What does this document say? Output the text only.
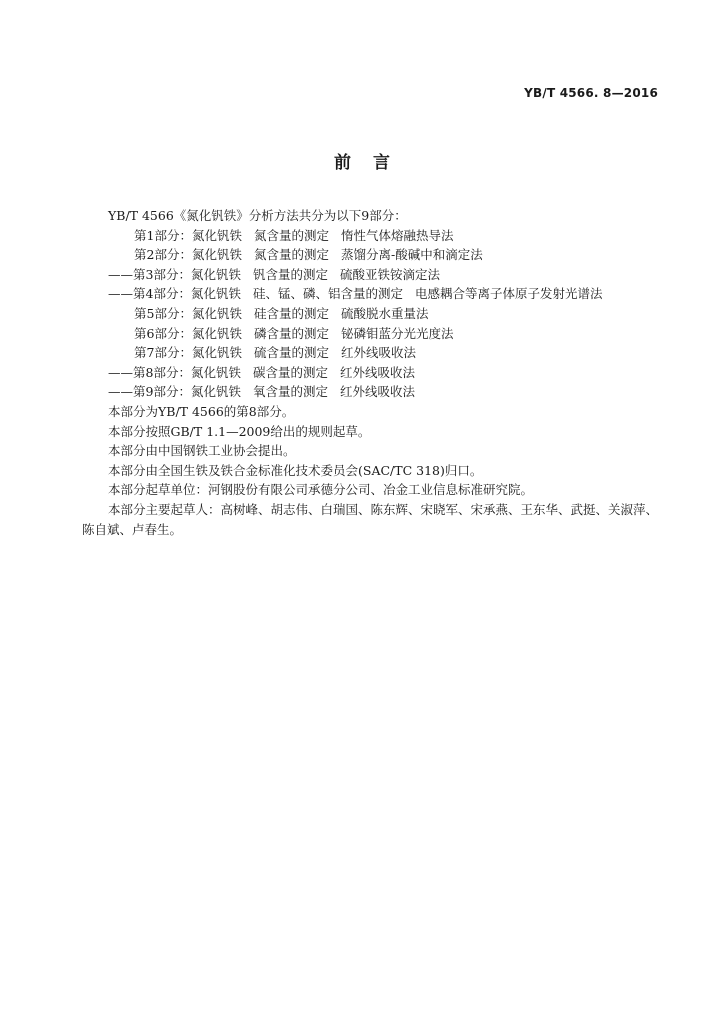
YB/T 4566. 8—2016
前言
YB/T 4566《氮化钒铁》分析方法共分为以下9部分：
第1部分：氮化钒铁 氮含量的测定 惰性气体熔融热导法
第2部分：氮化钒铁 氮含量的测定 蒸馏分离-酸碱中和滴定法
——第3部分：氮化钒铁 钒含量的测定 硫酸亚铁铵滴定法
——第4部分：氮化钒铁 硅、锰、磷、铝含量的测定 电感耦合等离子体原子发射光谱法
第5部分：氮化钒铁 硅含量的测定 硫酸脱水重量法
第6部分：氮化钒铁 磷含量的测定 铋磷钼蓝分光光度法
第7部分：氮化钒铁 硫含量的测定 红外线吸收法
——第8部分：氮化钒铁 碳含量的测定 红外线吸收法
——第9部分：氮化钒铁 氧含量的测定 红外线吸收法
本部分为YB/T 4566的第8部分。
本部分按照GB/T 1.1—2009给出的规则起草。
本部分由中国钢铁工业协会提出。
本部分由全国生铁及铁合金标准化技术委员会(SAC/TC 318)归口。
本部分起草单位：河钢股份有限公司承德分公司、冶金工业信息标准研究院。
本部分主要起草人：高树峰、胡志伟、白瑞国、陈东辉、宋晓军、宋承燕、王东华、武挺、关淑萍、陈自斌、卢春生。
